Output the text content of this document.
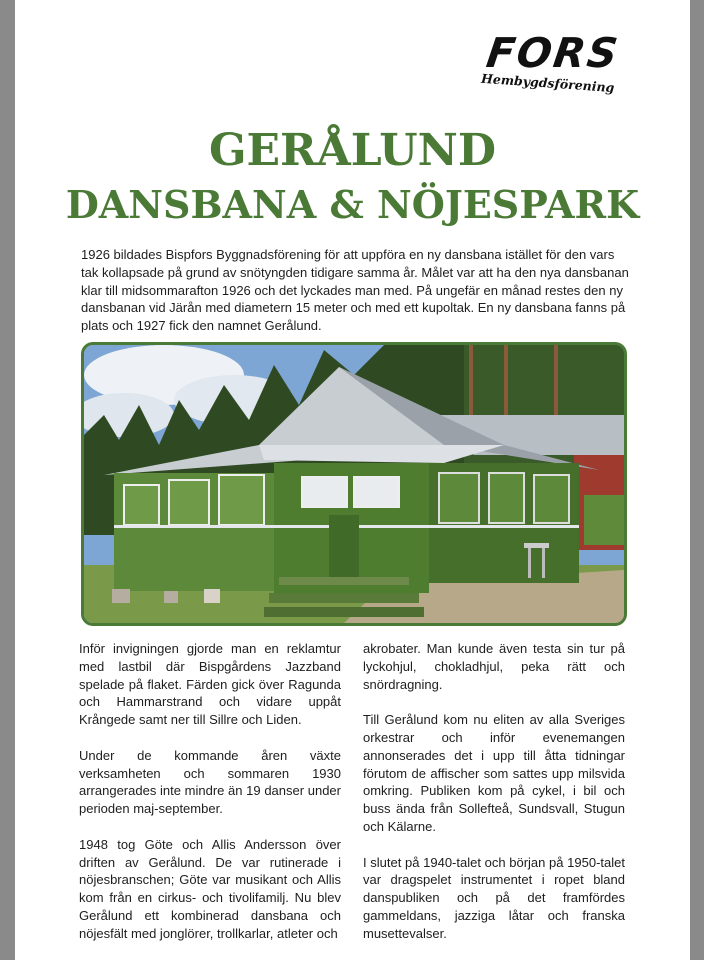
FORS
Hembygdsförening
GERÅLUND
DANSBANA & NÖJESPARK
1926 bildades Bispfors Byggnadsförening för att uppföra en ny dansbana istället för den vars tak kollapsade på grund av snötyngden tidigare samma år. Målet var att ha den nya dansbanan klar till midsommarafton 1926 och det lyckades man med. På ungefär en månad restes den ny dansbanan vid Järån med diametern 15 meter och med ett kupoltak. En ny dansbana fanns på plats och 1927 fick den namnet Gerålund.

Inför invigningen gjorde man en reklamtur med lastbil där Bispgårdens Jazzband spelade på flaket. Färden gick över Ragunda och Hammarstrand och vidare uppåt Krångede samt ner till Sillre och Liden.

Under de kommande åren växte verksamheten och sommaren 1930 arrangerades inte mindre än 19 danser under perioden maj-september.

1948 tog Göte och Allis Andersson över driften av Gerålund. De var rutinerade i nöjesbranschen; Göte var musikant och Allis kom från en cirkus- och tivolifamilj. Nu blev Gerålund ett kombinerad dansbana och nöjesfält med jonglörer, trollkarlar, atleter och

akrobater. Man kunde även testa sin tur på lyckohjul, chokladhjul, peka rätt och snördragning.

Till Gerålund kom nu eliten av alla Sveriges orkestrar och inför evenemangen annonserades det i upp till åtta tidningar förutom de affischer som sattes upp milsvida omkring. Publiken kom på cykel, i bil och buss ända från Sollefteå, Sundsvall, Stugun och Kälarne.

I slutet på 1940-talet och början på 1950-talet var dragspelet instrumentet i ropet bland danspubliken och på det framfördes gammeldans, jazziga låtar och franska musettevalser.
